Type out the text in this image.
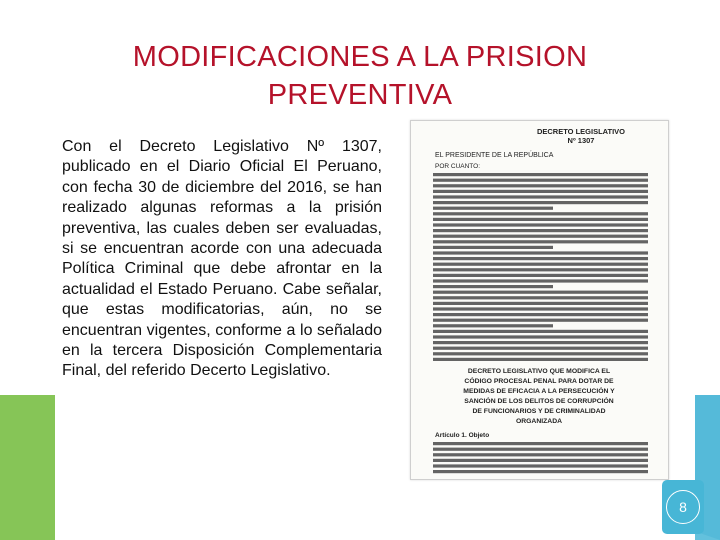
MODIFICACIONES A LA PRISION
PREVENTIVA

Con el Decreto Legislativo Nº 1307, publicado en el Diario Oficial El Peruano, con fecha 30 de diciembre del 2016, se han realizado algunas reformas a la prisión preventiva, las cuales deben ser evaluadas, si se encuentran acorde con una adecuada Política Criminal que debe afrontar en la actualidad el Estado Peruano. Cabe señalar, que estas modificatorias, aún, no se encuentran vigentes, conforme a lo señalado en la tercera Disposición Complementaria Final, del referido Decerto Legislativo.

DECRETO LEGISLATIVO
Nº 1307
EL PRESIDENTE DE LA REPÚBLICA
POR CUANTO:
DECRETO LEGISLATIVO QUE MODIFICA EL
CÓDIGO PROCESAL PENAL PARA DOTAR DE
MEDIDAS DE EFICACIA A LA PERSECUCIÓN Y
SANCIÓN DE LOS DELITOS DE CORRUPCIÓN
DE FUNCIONARIOS Y DE CRIMINALIDAD
ORGANIZADA
Artículo 1. Objeto
8
